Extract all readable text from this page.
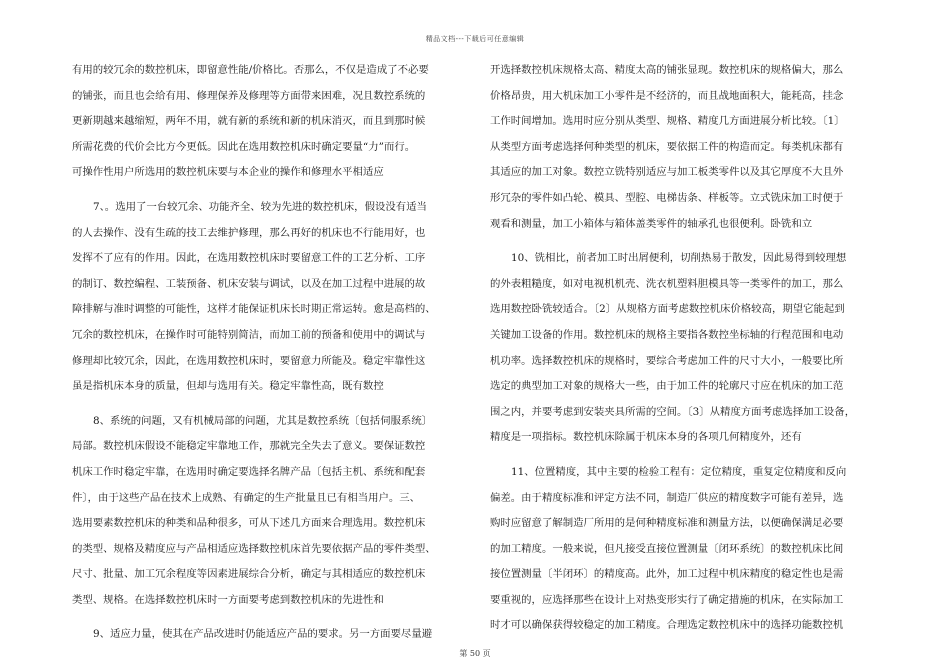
精品文档---下载后可任意编辑

有用的较冗余的数控机床，即留意性能/价格比。否那么，不仅是造成了不必要

的铺张，而且也会给有用、修理保养及修理等方面带来困难，况且数控系统的

更新期越来越缩短，两年不用，就有新的系统和新的机床消灭，而且到那时候

所需花费的代价会比方今更低。因此在选用数控机床时确定要量“力”而行。

可操作性用户所选用的数控机床要与本企业的操作和修理水平相适应

7、。选用了一台较冗余、功能齐全、较为先进的数控机床，假设没有适当

的人去操作、没有生疏的技工去维护修理，那么再好的机床也不行能用好，也

发挥不了应有的作用。因此，在选用数控机床时要留意工件的工艺分析、工序

的制订、数控编程、工装预备、机床安装与调试，以及在加工过程中进展的故

障排解与准时调整的可能性，这样才能保证机床长时期正常运转。愈是高档的、

冗余的数控机床，在操作时可能特别简洁，而加工前的预备和使用中的调试与

修理却比较冗余，因此，在选用数控机床时，要留意力所能及。稳定牢靠性这

虽是指机床本身的质量，但却与选用有关。稳定牢靠性高，既有数控

8、系统的问题，又有机械局部的问题，尤其是数控系统〔包括伺服系统〕

局部。数控机床假设不能稳定牢靠地工作，那就完全失去了意义。要保证数控

机床工作时稳定牢靠，在选用时确定要选择名牌产品〔包括主机、系统和配套

件〕，由于这些产品在技术上成熟、有确定的生产批量且已有相当用户。三、

选用要素数控机床的种类和品种很多，可从下述几方面来合理选用。数控机床

的类型、规格及精度应与产品相适应选择数控机床首先要依据产品的零件类型、

尺寸、批量、加工冗余程度等因素进展综合分析，确定与其相适应的数控机床

类型、规格。在选择数控机床时一方面要考虑到数控机床的先进性和

9、适应力量，使其在产品改进时仍能适应产品的要求。另一方面要尽量避

开选择数控机床规格太高、精度太高的铺张显现。数控机床的规格偏大，那么

价格昂贵，用大机床加工小零件是不经济的，而且战地面积大，能耗高，挂念

工作时间增加。选用时应分别从类型、规格、精度几方面进展分析比较。〔1〕

从类型方面考虑选择何种类型的机床，要依据工件的构造而定。每类机床都有

其适应的加工对象。数控立铣特别适应与加工板类零件以及其它厚度不大且外

形冗杂的零件如凸轮、模具、型腔、电梯齿条、样板等。立式铣床加工时便于

观看和测量，加工小箱体与箱体盖类零件的轴承孔也很便利。卧铣和立

10、铣相比，前者加工时出屑便利，切削热易于散发，因此易得到较理想

的外表粗糙度，如对电视机机壳、洗衣机塑料胆模具等一类零件的加工，那么

选用数控卧铣较适合。〔2〕从规格方面考虑数控机床价格较高，期望它能起到

关键加工设备的作用。数控机床的规格主要指各数控坐标轴的行程范围和电动

机功率。选择数控机床的规格时，要综合考虑加工件的尺寸大小，一般要比所

选定的典型加工对象的规格大一些，由于加工件的轮廓尺寸应在机床的加工范

围之内，并要考虑到安装夹具所需的空间。〔3〕从精度方面考虑选择加工设备，

精度是一项指标。数控机床除属于机床本身的各项几何精度外，还有

11、位置精度，其中主要的检验工程有：定位精度，重复定位精度和反向

偏差。由于精度标准和评定方法不同，制造厂供应的精度数字可能有差异，选

购时应留意了解制造厂所用的是何种精度标准和测量方法，以便确保满足必要

的加工精度。一般来说，但凡接受直接位置测量〔闭环系统〕的数控机床比间

接位置测量〔半闭环〕的精度高。此外，加工过程中机床精度的稳定性也是需

要重视的，应选择那些在设计上对热变形实行了确定措施的机床，在实际加工

时才可以确保获得较稳定的加工精度。合理选定数控机床中的选择功能数控机

第 50 页
